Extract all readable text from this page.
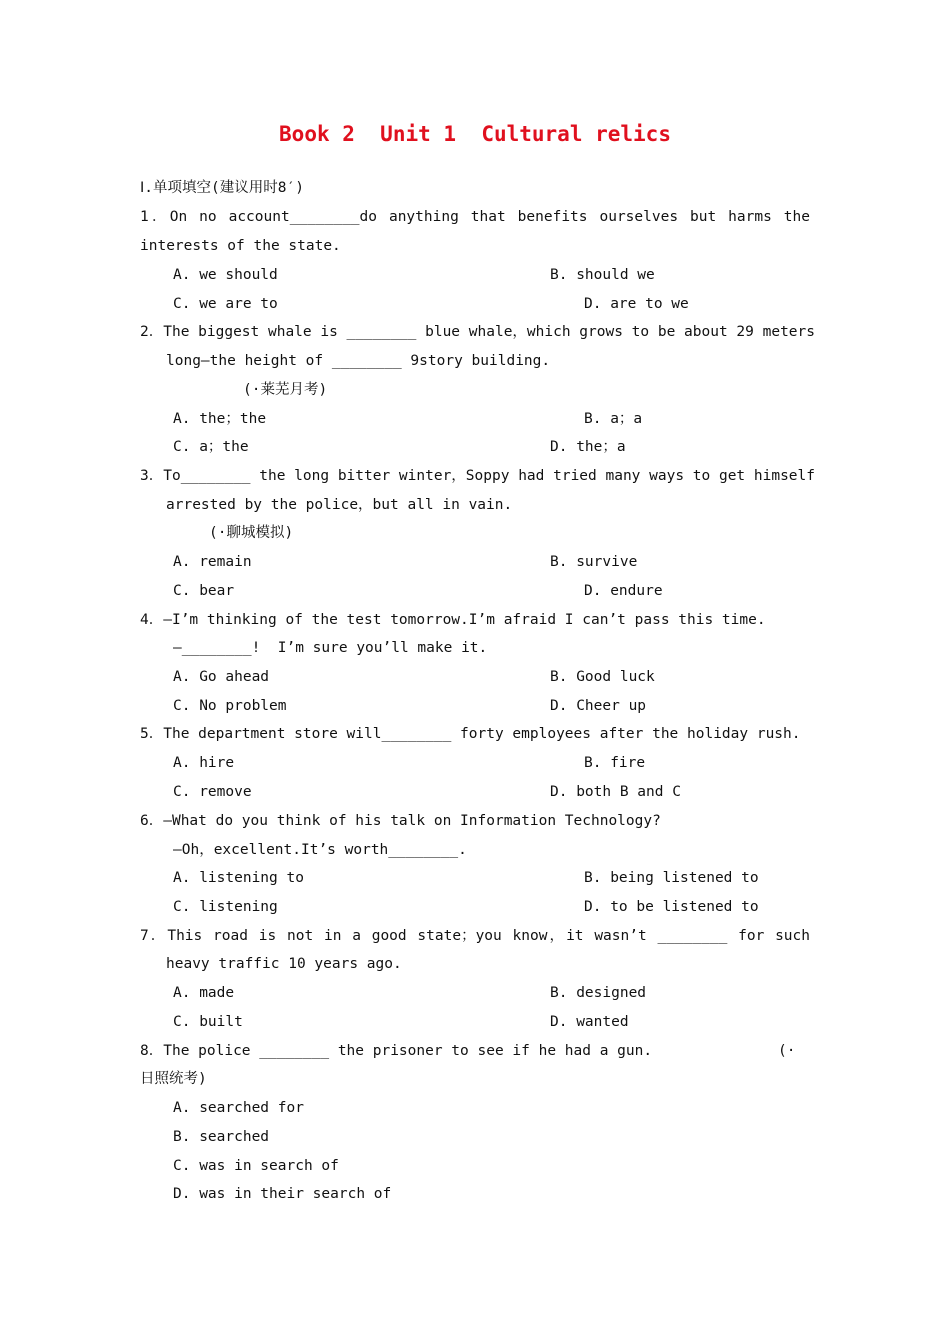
Book 2  Unit 1  Cultural relics
Ⅰ.单项填空(建议用时8′)
1．On no account________do anything that benefits ourselves but harms the
interests of the state.
A. we should	B. should we
C. we are to	D. are to we
2．The biggest whale is ________ blue whale，which grows to be about 29 meters
long—the height of ________ 9story building.
(·莱芜月考)
A. the；the	B. a；a
C. a；the	D. the；a
3．To________ the long bitter winter，Soppy had tried many ways to get himself
arrested by the police，but all in vain.
(·聊城模拟)
A. remain	B. survive
C. bear	D. endure
4．—I’m thinking of the test tomorrow.I’m afraid I can’t pass this time.
—________!  I’m sure you’ll make it.
A. Go ahead	B. Good luck
C. No problem	D. Cheer up
5．The department store will________ forty employees after the holiday rush.
A. hire	B. fire
C. remove	D. both B and C
6．—What do you think of his talk on Information Technology?
—Oh，excellent.It’s worth________.
A. listening to	B. being listened to
C. listening	D. to be listened to
7．This road is not in a good state；you know，it wasn’t ________ for such
heavy traffic 10 years ago.
A. made	B. designed
C. built	D. wanted
8．The police ________ the prisoner to see if he had a gun.	(·
日照统考)
A. searched for
B. searched
C. was in search of
D. was in their search of
